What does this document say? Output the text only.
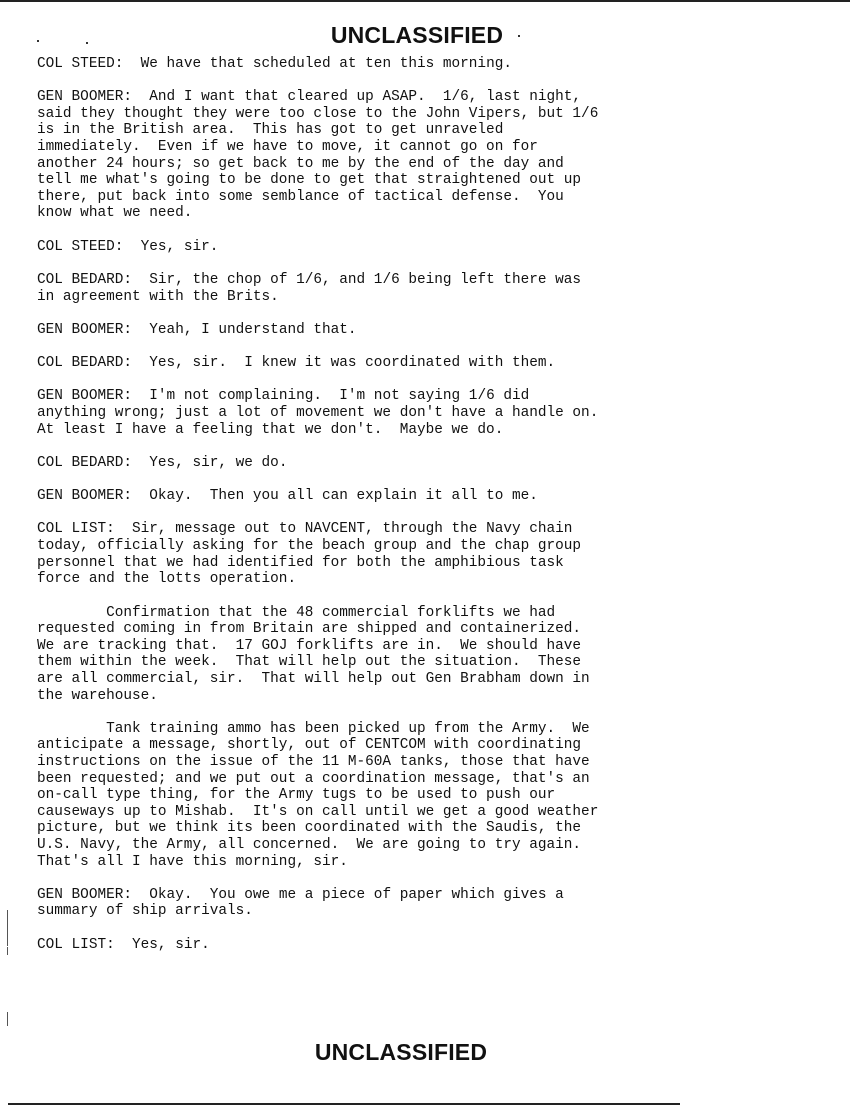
UNCLASSIFIED

COL STEED: We have that scheduled at ten this morning.

GEN BOOMER: And I want that cleared up ASAP.  1/6, last night,
said they thought they were too close to the John Vipers, but 1/6
is in the British area.  This has got to get unraveled
immediately.  Even if we have to move, it cannot go on for
another 24 hours; so get back to me by the end of the day and
tell me what's going to be done to get that straightened out up
there, put back into some semblance of tactical defense.  You
know what we need.

COL STEED: Yes, sir.

COL BEDARD: Sir, the chop of 1/6, and 1/6 being left there was
in agreement with the Brits.

GEN BOOMER: Yeah, I understand that.

COL BEDARD: Yes, sir.  I knew it was coordinated with them.

GEN BOOMER: I'm not complaining.  I'm not saying 1/6 did
anything wrong; just a lot of movement we don't have a handle on.
At least I have a feeling that we don't.  Maybe we do.

COL BEDARD: Yes, sir, we do.

GEN BOOMER: Okay.  Then you all can explain it all to me.

COL LIST: Sir, message out to NAVCENT, through the Navy chain
today, officially asking for the beach group and the chap group
personnel that we had identified for both the amphibious task
force and the lotts operation.

Confirmation that the 48 commercial forklifts we had
requested coming in from Britain are shipped and containerized.
We are tracking that.  17 GOJ forklifts are in.  We should have
them within the week.  That will help out the situation.  These
are all commercial, sir.  That will help out Gen Brabham down in
the warehouse.

Tank training ammo has been picked up from the Army.  We
anticipate a message, shortly, out of CENTCOM with coordinating
instructions on the issue of the 11 M-60A tanks, those that have
been requested; and we put out a coordination message, that's an
on-call type thing, for the Army tugs to be used to push our
causeways up to Mishab.  It's on call until we get a good weather
picture, but we think its been coordinated with the Saudis, the
U.S. Navy, the Army, all concerned.  We are going to try again.
That's all I have this morning, sir.

GEN BOOMER: Okay.  You owe me a piece of paper which gives a
summary of ship arrivals.

COL LIST: Yes, sir.

UNCLASSIFIED
